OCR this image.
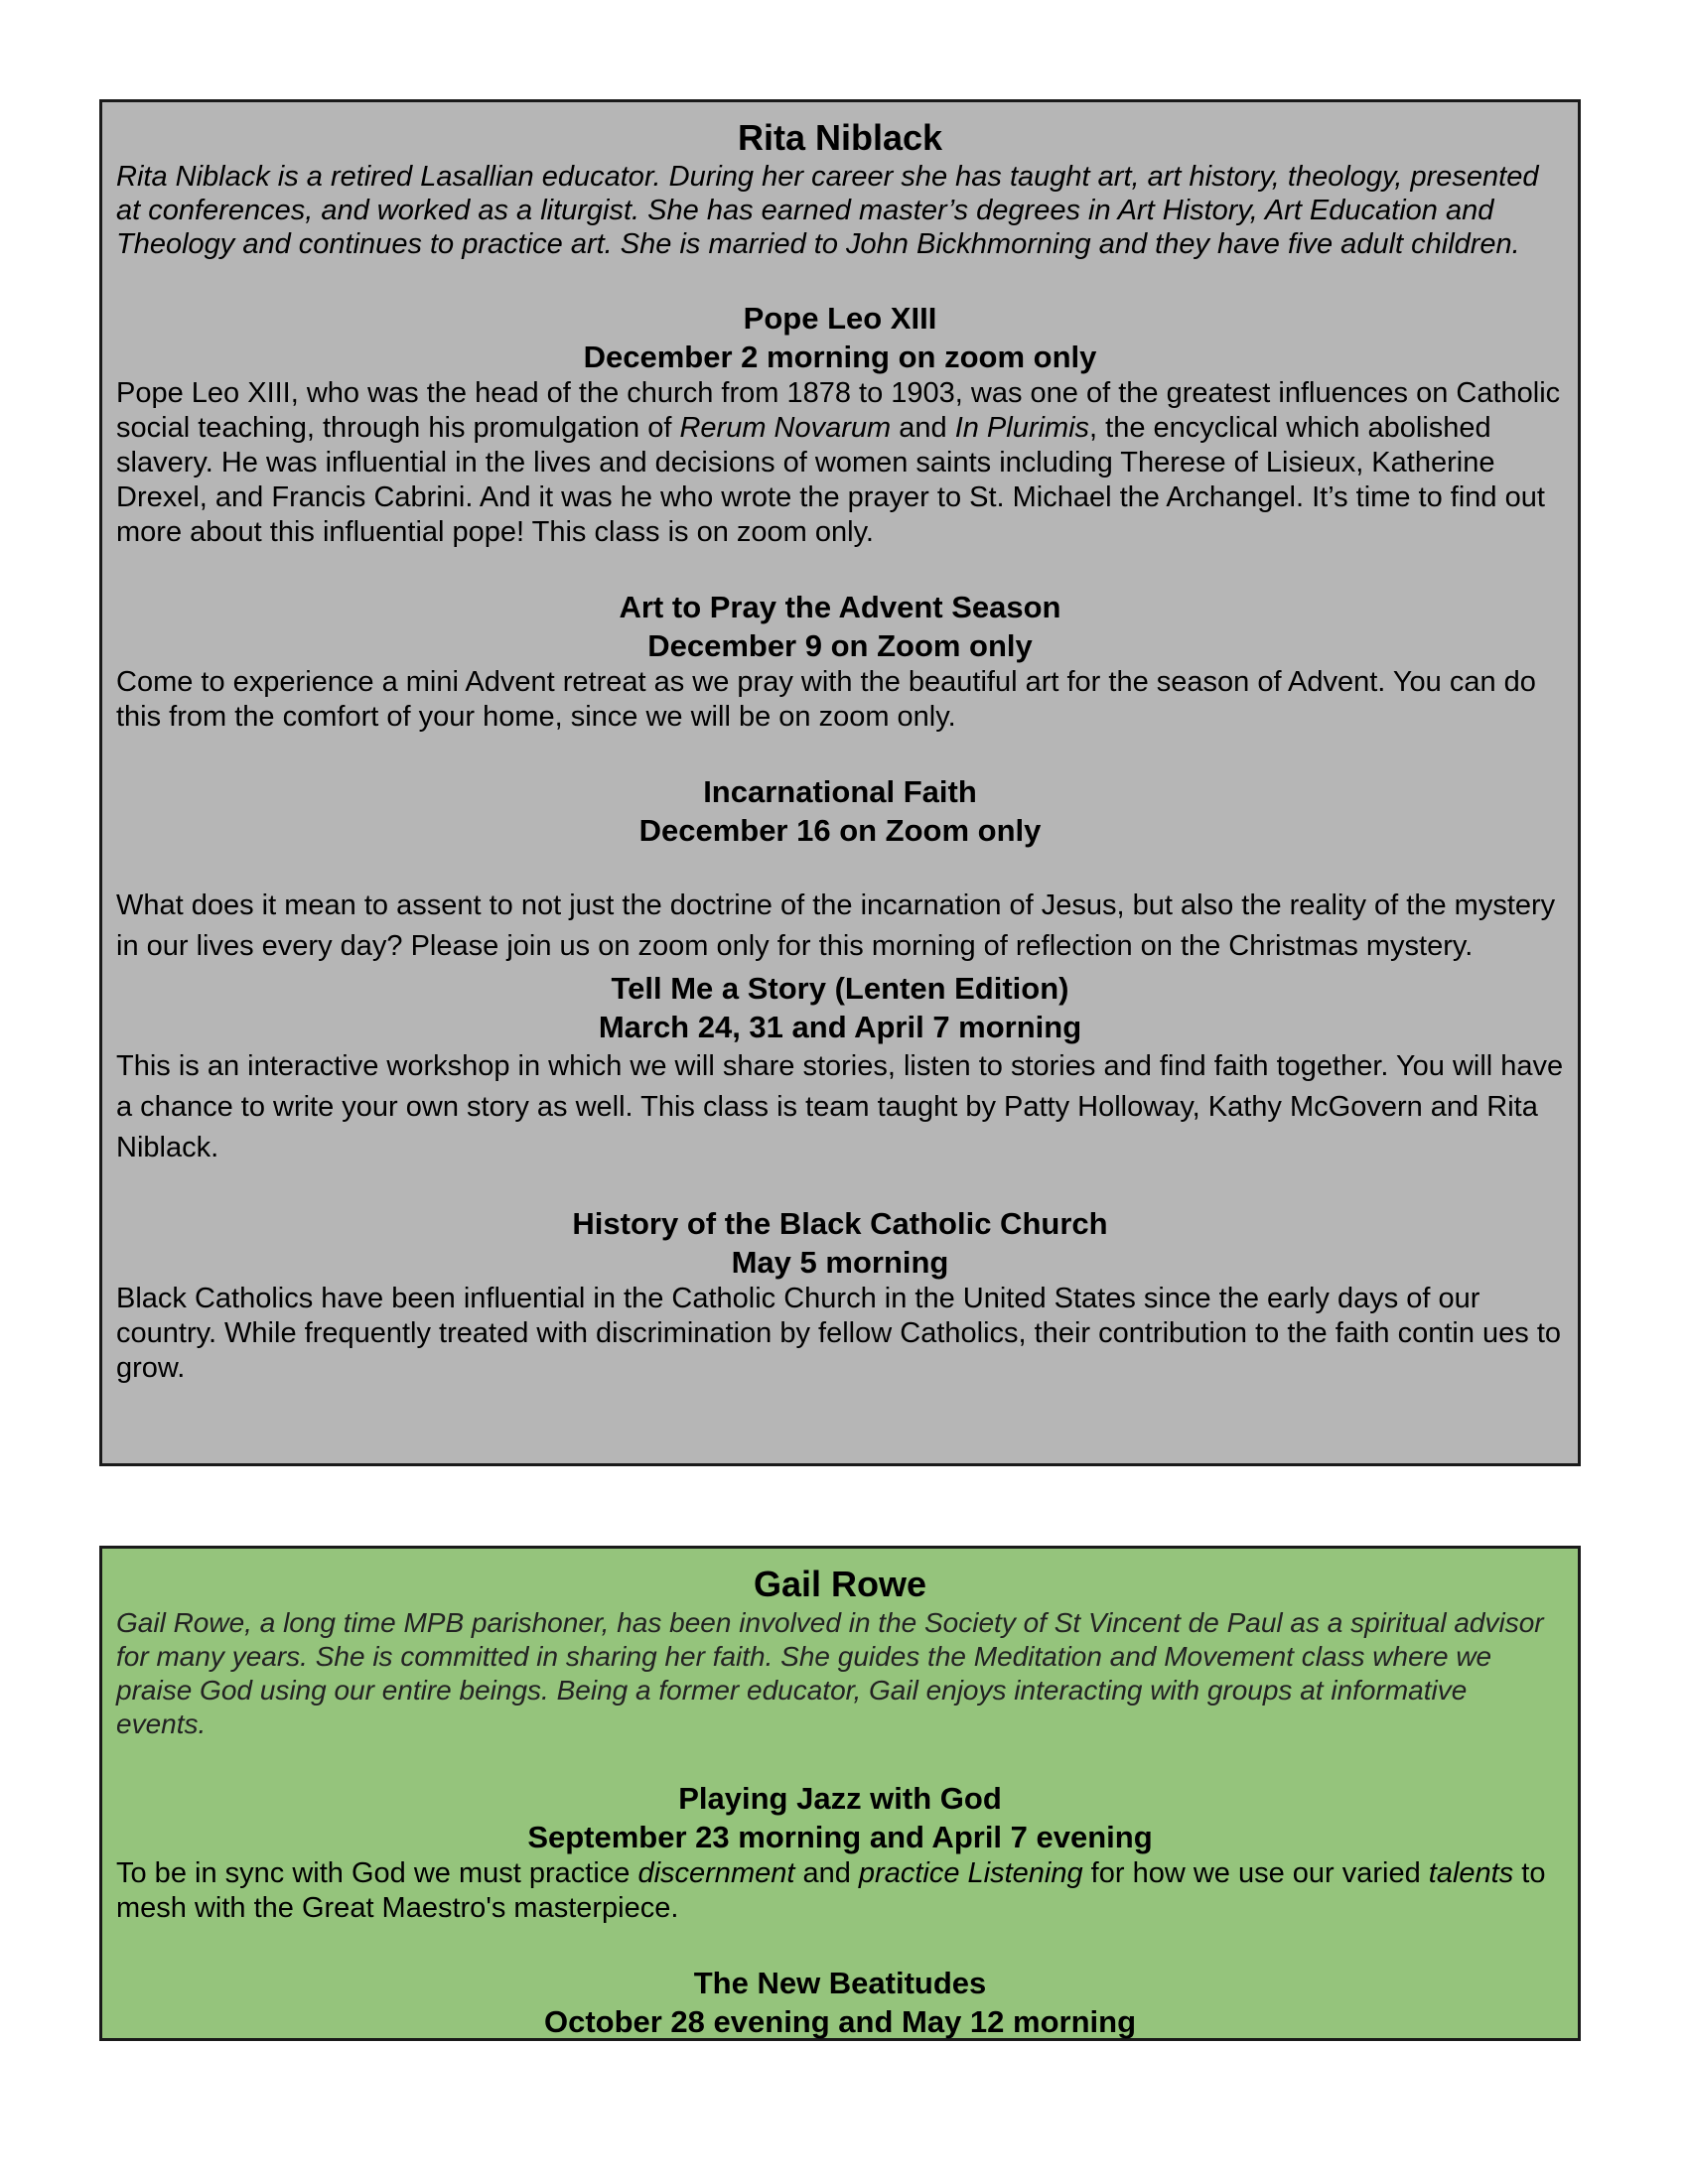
Rita Niblack

Rita Niblack is a retired Lasallian educator. During her career she has taught art, art history, theology, presented at conferences, and worked as a liturgist. She has earned master’s degrees in Art History, Art Education and Theology and continues to practice art. She is married to John Bickhmorning and they have five adult children.

Pope Leo XIII
December 2 morning on zoom only

Pope Leo XIII, who was the head of the church from 1878 to 1903, was one of the greatest influences on Catholic social teaching, through his promulgation of Rerum Novarum and In Plurimis, the encyclical which abolished slavery. He was influential in the lives and decisions of women saints including Therese of Lisieux, Katherine Drexel, and Francis Cabrini. And it was he who wrote the prayer to St. Michael the Archangel. It’s time to find out more about this influential pope! This class is on zoom only.

Art to Pray the Advent Season
December 9 on Zoom only

Come to experience a mini Advent retreat as we pray with the beautiful art for the season of Advent. You can do this from the comfort of your home, since we will be on zoom only.

Incarnational Faith
December 16 on Zoom only

What does it mean to assent to not just the doctrine of the incarnation of Jesus, but also the reality of the mystery in our lives every day? Please join us on zoom only for this morning of reflection on the Christmas mystery.

Tell Me a Story (Lenten Edition)
March 24, 31 and April 7 morning

This is an interactive workshop in which we will share stories, listen to stories and find faith together. You will have a chance to write your own story as well. This class is team taught by Patty Holloway, Kathy McGovern and Rita Niblack.

History of the Black Catholic Church
May 5 morning

Black Catholics have been influential in the Catholic Church in the United States since the early days of our country. While frequently treated with discrimination by fellow Catholics, their contribution to the faith contin ues to grow.

Gail Rowe

Gail Rowe, a long time MPB parishoner, has been involved in the Society of St Vincent de Paul as a spiritual advisor for many years. She is committed in sharing her faith. She guides the Meditation and Movement class where we praise God using our entire beings. Being a former educator, Gail enjoys interacting with groups at informative events.

Playing Jazz with God
September 23 morning and April 7 evening

To be in sync with God we must practice discernment and practice Listening for how we use our varied talents to mesh with the Great Maestro's masterpiece.

The New Beatitudes
October 28 evening and May 12 morning
